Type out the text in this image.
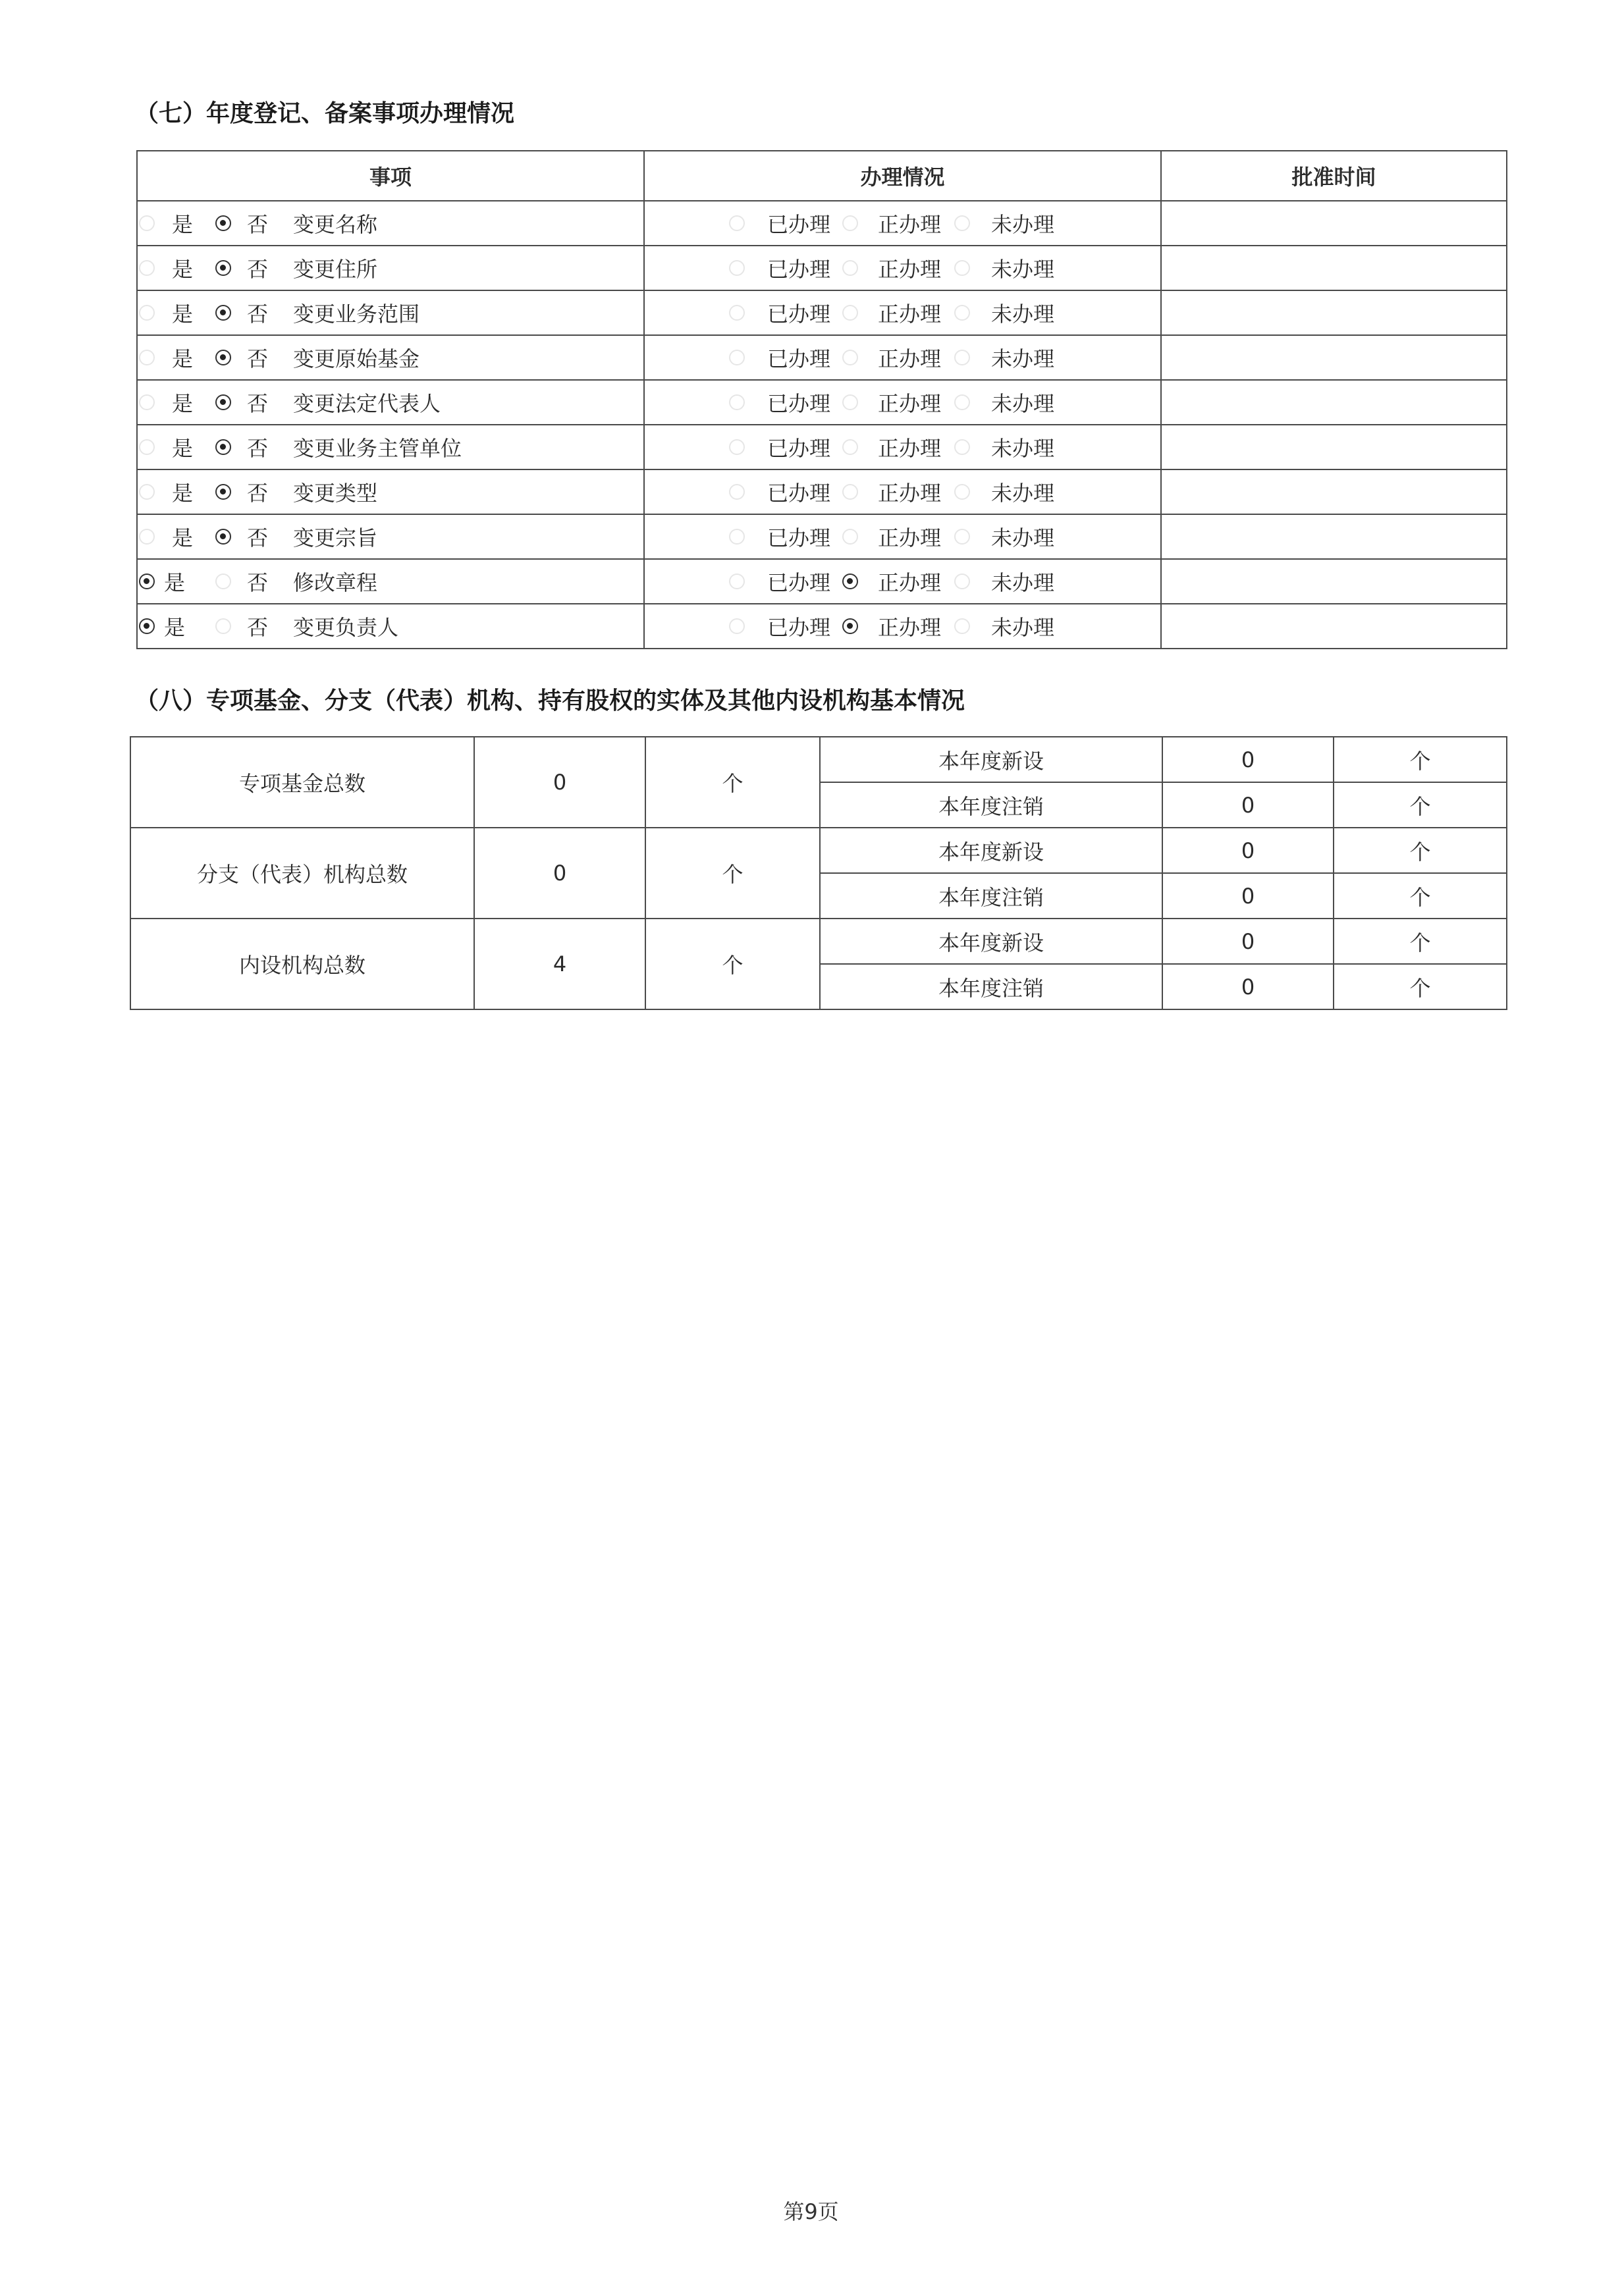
（七）年度登记、备案事项办理情况
事项	办理情况	批准时间

是 否 变更名称	已办理 正办理 未办理	

是 否 变更住所	已办理 正办理 未办理	

是 否 变更业务范围	已办理 正办理 未办理	

是 否 变更原始基金	已办理 正办理 未办理	

是 否 变更法定代表人	已办理 正办理 未办理	

是 否 变更业务主管单位	已办理 正办理 未办理	

是 否 变更类型	已办理 正办理 未办理	

是 否 变更宗旨	已办理 正办理 未办理	

是 否 修改章程	已办理 正办理 未办理	

是 否 变更负责人	已办理 正办理 未办理	

（八）专项基金、分支（代表）机构、持有股权的实体及其他内设机构基本情况
专项基金总数	0	个	本年度新设	0	个
			本年度注销	0	个
分支（代表）机构总数	0	个	本年度新设	0	个
			本年度注销	0	个
内设机构总数	4	个	本年度新设	0	个
			本年度注销	0	个
第9页
